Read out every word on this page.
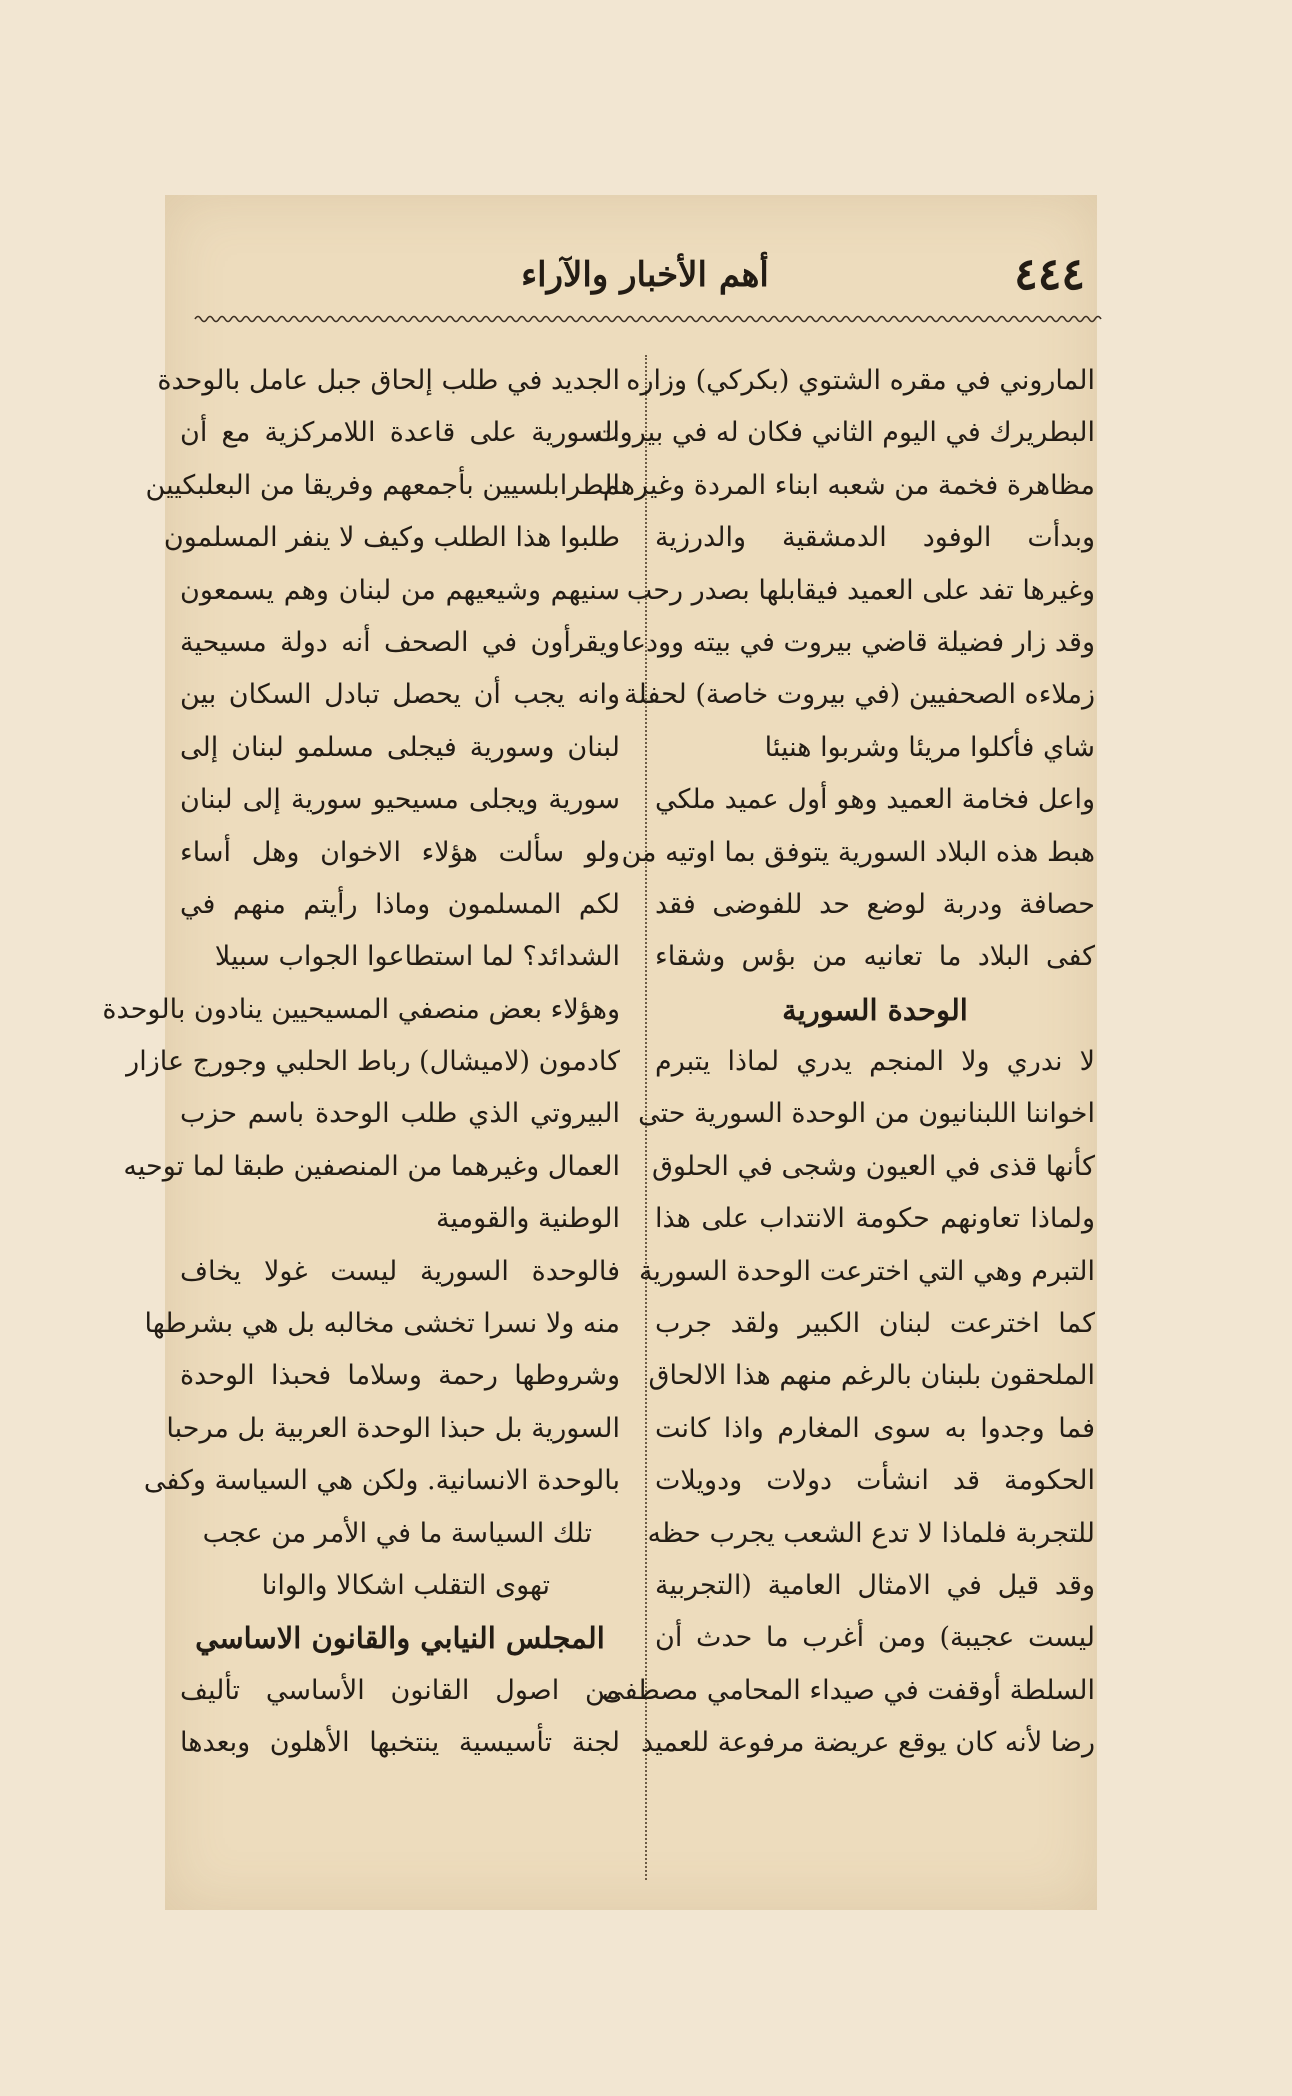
٤٤٤
أهم الأخبار والآراء
الماروني في مقره الشتوي (بكركي) وزاره
البطريرك في اليوم الثاني فكان له في بيروت
مظاهرة فخمة من شعبه ابناء المردة وغيرهم
وبدأت الوفود الدمشقية والدرزية
وغيرها تفد على العميد فيقابلها بصدر رحب
وقد زار فضيلة قاضي بيروت في بيته وودعا
زملاءه الصحفيين (في بيروت خاصة) لحفلة
شاي فأكلوا مريئا وشربوا هنيئا
واعل فخامة العميد وهو أول عميد ملكي
هبط هذه البلاد السورية يتوفق بما اوتيه من
حصافة ودربة لوضع حد للفوضى فقد
كفى البلاد ما تعانيه من بؤس وشقاء
الوحدة السورية
لا ندري ولا المنجم يدري لماذا يتبرم
اخواننا اللبنانيون من الوحدة السورية حتى
كأنها قذى في العيون وشجى في الحلوق
ولماذا تعاونهم حكومة الانتداب على هذا
التبرم وهي التي اخترعت الوحدة السورية
كما اخترعت لبنان الكبير ولقد جرب
الملحقون بلبنان بالرغم منهم هذا الالحاق
فما وجدوا به سوى المغارم واذا كانت
الحكومة قد انشأت دولات ودويلات
للتجربة فلماذا لا تدع الشعب يجرب حظه
وقد قيل في الامثال العامية (التجربية
ليست عجيبة) ومن أغرب ما حدث أن
السلطة أوقفت في صيداء المحامي مصطفى
رضا لأنه كان يوقع عريضة مرفوعة للعميد
الجديد في طلب إلحاق جبل عامل بالوحدة
السورية على قاعدة اللامركزية مع أن
الطرابلسيين بأجمعهم وفريقا من البعلبكيين
طلبوا هذا الطلب وكيف لا ينفر المسلمون
سنيهم وشيعيهم من لبنان وهم يسمعون
ويقرأون في الصحف أنه دولة مسيحية
وانه يجب أن يحصل تبادل السكان بين
لبنان وسورية فيجلى مسلمو لبنان إلى
سورية ويجلى مسيحيو سورية إلى لبنان
ولو سألت هؤلاء الاخوان وهل أساء
لكم المسلمون وماذا رأيتم منهم في
الشدائد؟ لما استطاعوا الجواب سبيلا
وهؤلاء بعض منصفي المسيحيين ينادون بالوحدة
كادمون (لاميشال) رباط الحلبي وجورج عازار
البيروتي الذي طلب الوحدة باسم حزب
العمال وغيرهما من المنصفين طبقا لما توحيه
الوطنية والقومية
فالوحدة السورية ليست غولا يخاف
منه ولا نسرا تخشى مخالبه بل هي بشرطها
وشروطها رحمة وسلاما فحبذا الوحدة
السورية بل حبذا الوحدة العربية بل مرحبا
بالوحدة الانسانية. ولكن هي السياسة وكفى
تلك السياسة ما في الأمر من عجب
تهوى التقلب اشكالا والوانا
المجلس النيابي والقانون الاساسي
من اصول القانون الأساسي تأليف
لجنة تأسيسية ينتخبها الأهلون وبعدها
